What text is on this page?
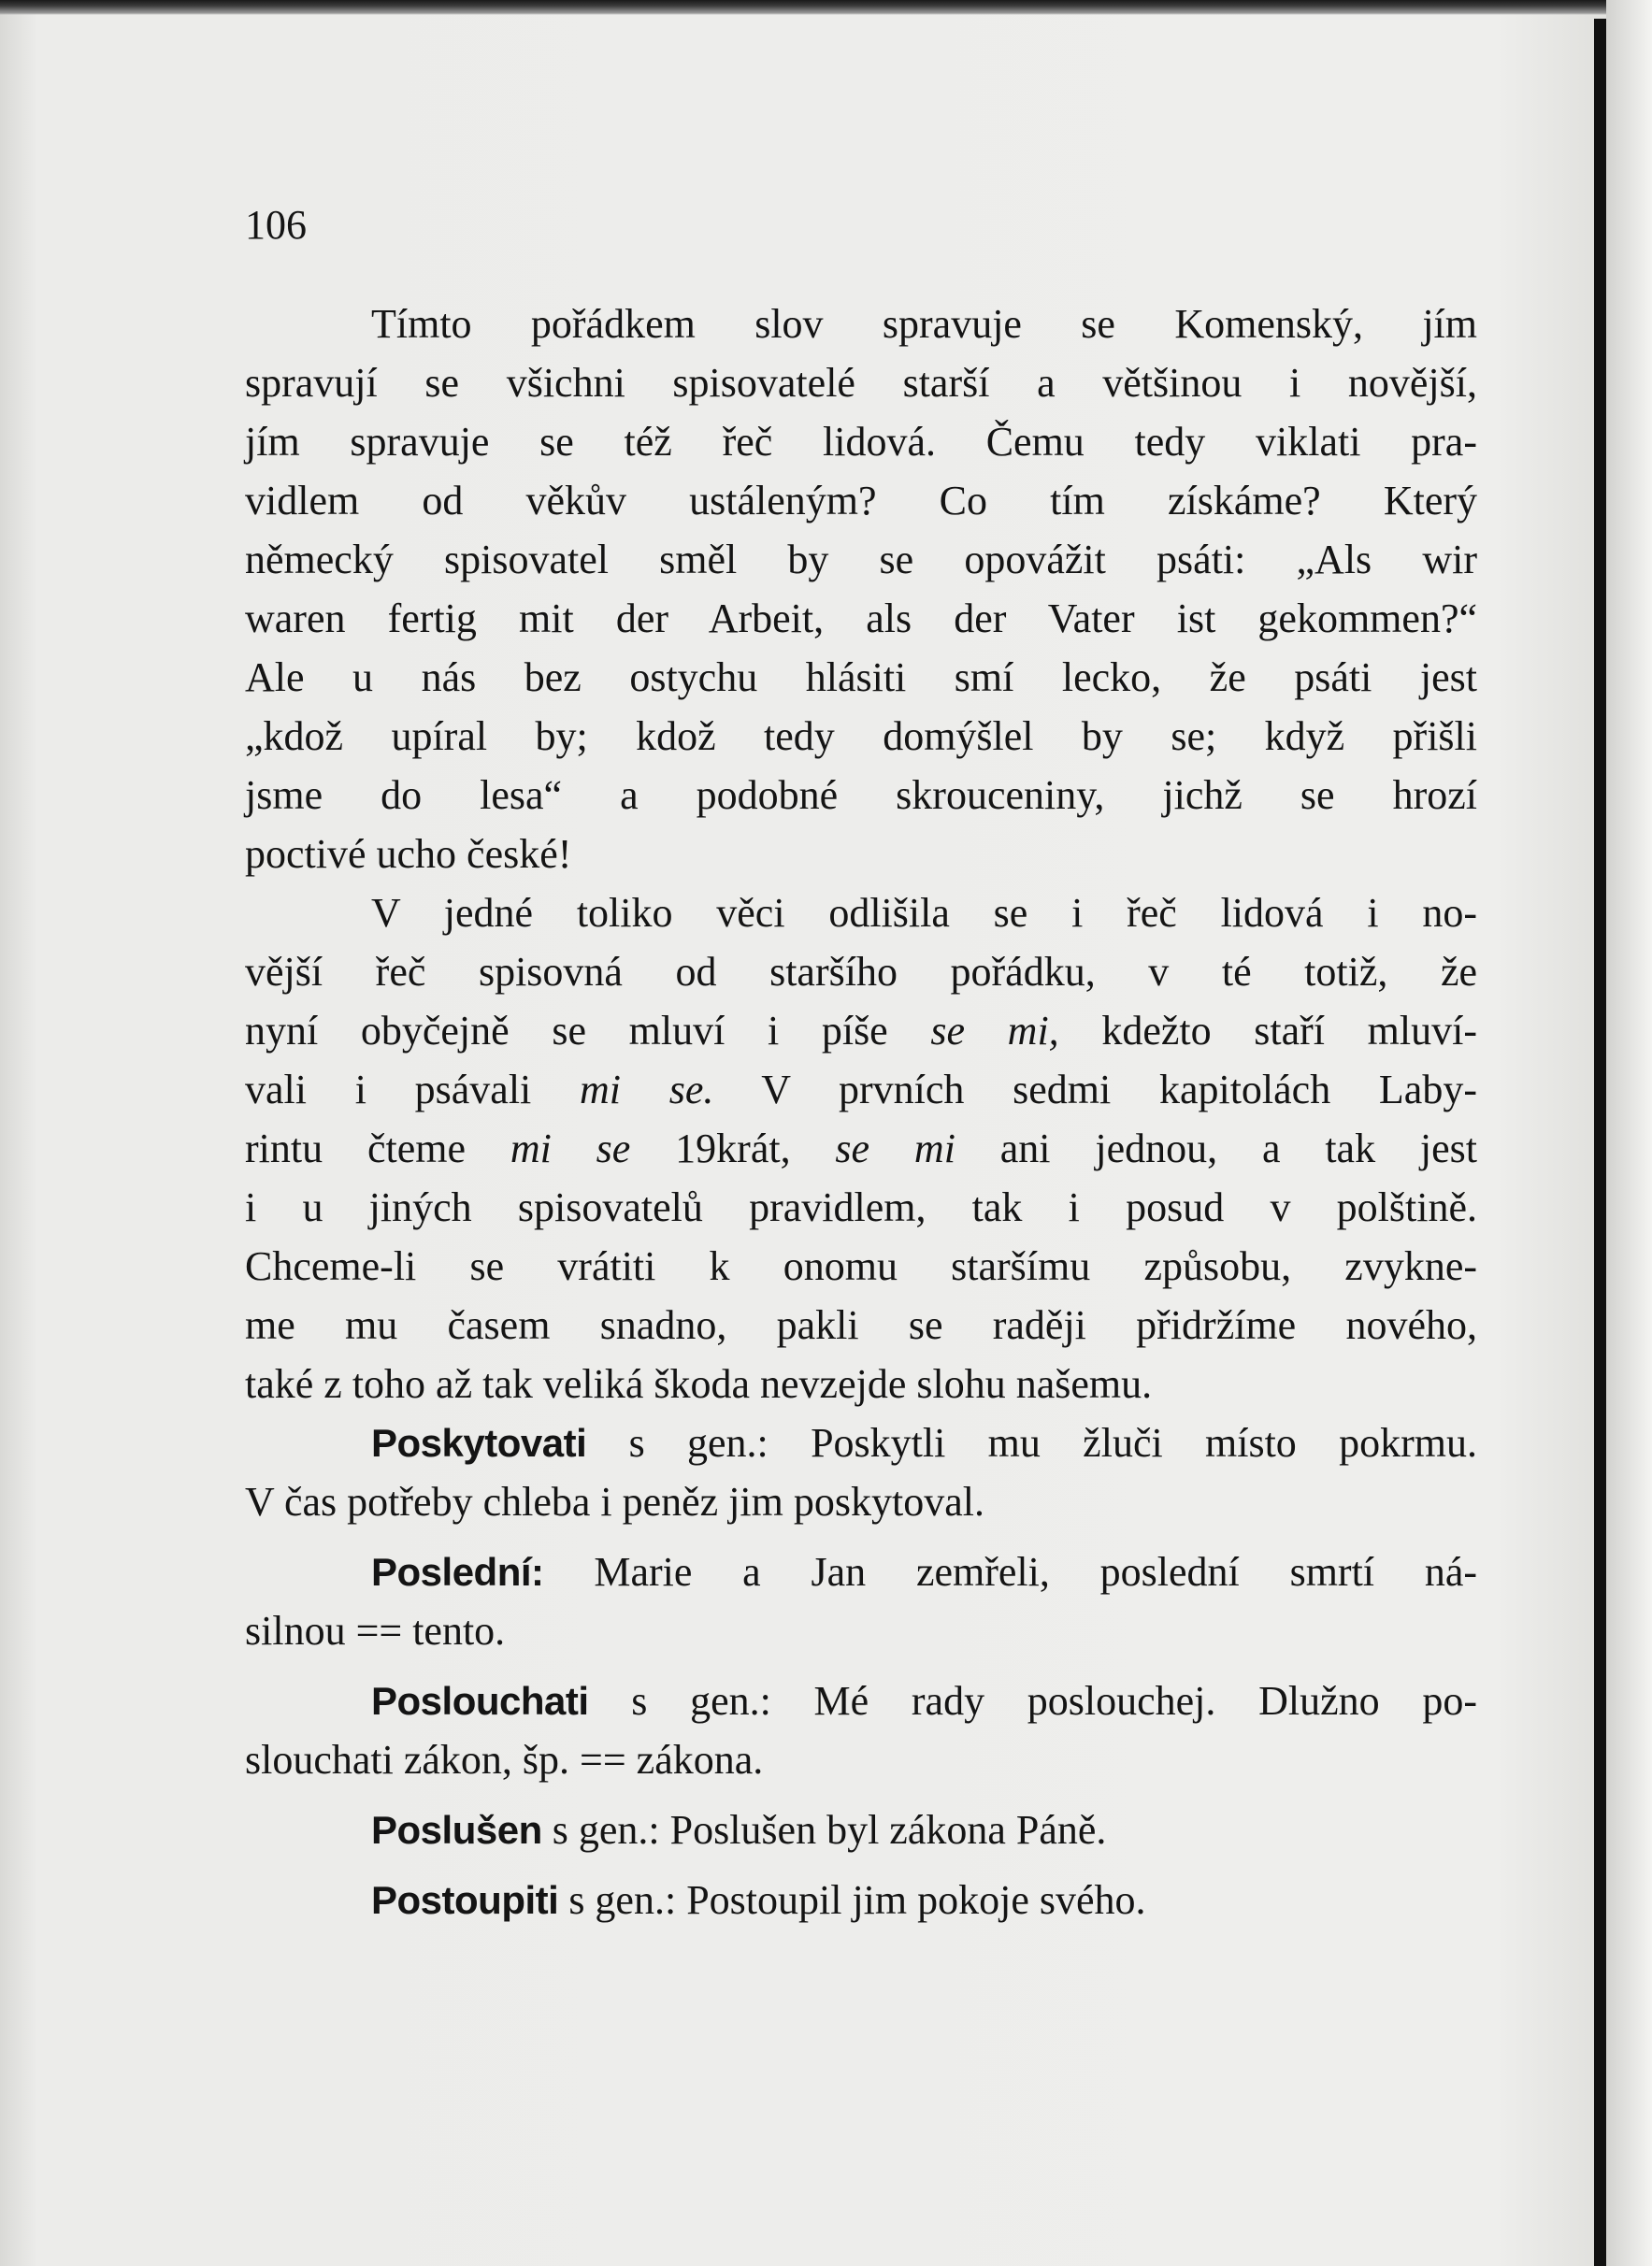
106
Tímto pořádkem slov spravuje se Komenský, jím
spravují se všichni spisovatelé starší a většinou i novější,
jím spravuje se též řeč lidová. Čemu tedy viklati pra-
vidlem od věkův ustáleným? Co tím získáme? Který
německý spisovatel směl by se opovážit psáti: „Als wir
waren fertig mit der Arbeit, als der Vater ist gekommen?“
Ale u nás bez ostychu hlásiti smí lecko, že psáti jest
„kdož upíral by; kdož tedy domýšlel by se; když přišli
jsme do lesa“ a podobné skrouceniny, jichž se hrozí
poctivé ucho české!
V jedné toliko věci odlišila se i řeč lidová i no-
vější řeč spisovná od staršího pořádku, v té totiž, že
nyní obyčejně se mluví i píše se mi, kdežto staří mluví-
vali i psávali mi se. V prvních sedmi kapitolách Laby-
rintu čteme mi se 19krát, se mi ani jednou, a tak jest
i u jiných spisovatelů pravidlem, tak i posud v polštině.
Chceme-li se vrátiti k onomu staršímu způsobu, zvykne-
me mu časem snadno, pakli se raději přidržíme nového,
také z toho až tak veliká škoda nevzejde slohu našemu.
Poskytovati s gen.: Poskytli mu žluči místo pokrmu.
V čas potřeby chleba i peněz jim poskytoval.
Poslední: Marie a Jan zemřeli, poslední smrtí ná-
silnou == tento.
Poslouchati s gen.: Mé rady poslouchej. Dlužno po-
slouchati zákon, šp. == zákona.
Poslušen s gen.: Poslušen byl zákona Páně.
Postoupiti s gen.: Postoupil jim pokoje svého.
